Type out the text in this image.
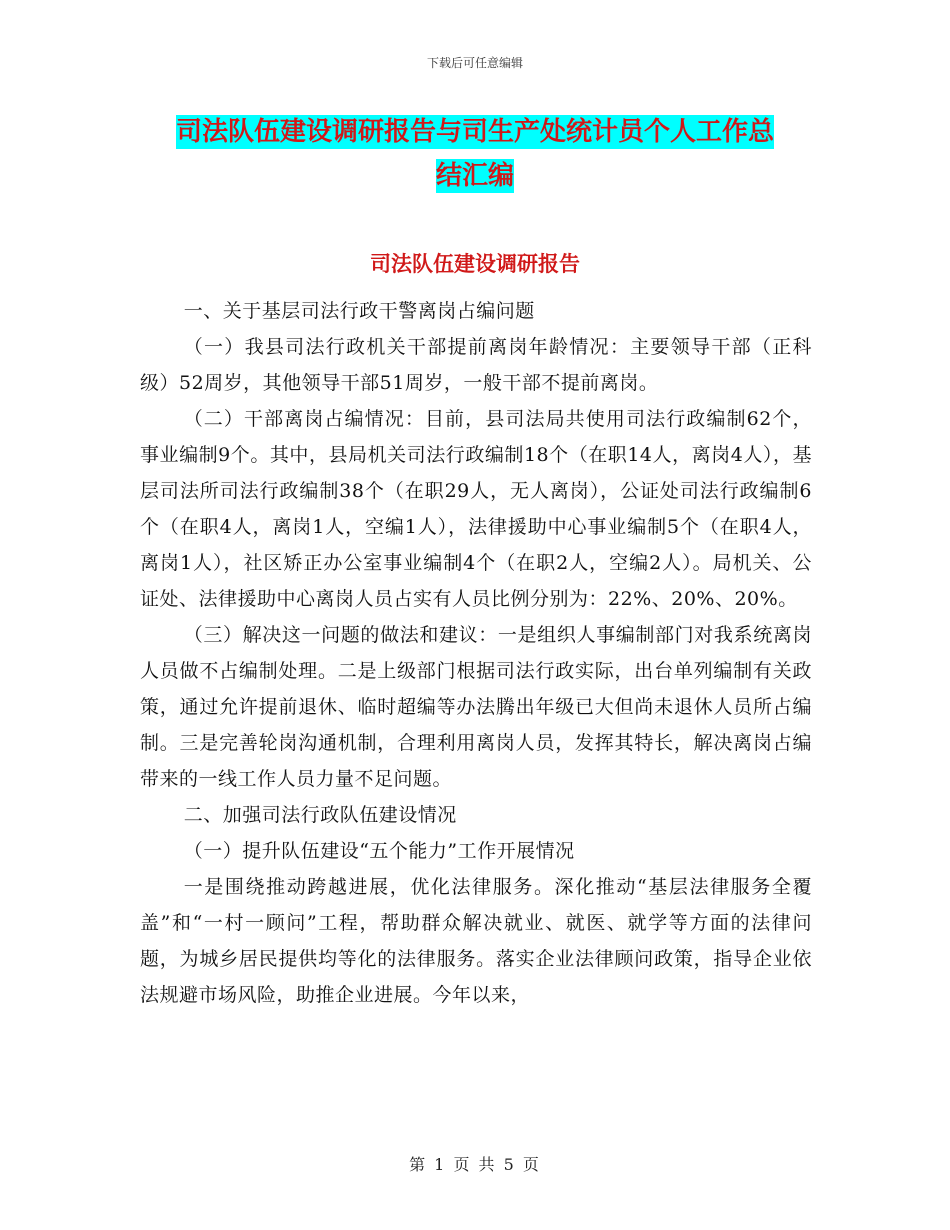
下载后可任意编辑
司法队伍建设调研报告与司生产处统计员个人工作总
结汇编
司法队伍建设调研报告

一、关于基层司法行政干警离岗占编问题

（一）我县司法行政机关干部提前离岗年龄情况：主要领导干部（正科级）52周岁，其他领导干部51周岁，一般干部不提前离岗。

（二）干部离岗占编情况：目前，县司法局共使用司法行政编制62个，事业编制9个。其中，县局机关司法行政编制18个（在职14人，离岗4人），基层司法所司法行政编制38个（在职29人，无人离岗），公证处司法行政编制6个（在职4人，离岗1人，空编1人），法律援助中心事业编制5个（在职4人，离岗1人），社区矫正办公室事业编制4个（在职2人，空编2人）。局机关、公证处、法律援助中心离岗人员占实有人员比例分别为：22%、20%、20%。

（三）解决这一问题的做法和建议：一是组织人事编制部门对我系统离岗人员做不占编制处理。二是上级部门根据司法行政实际，出台单列编制有关政策，通过允许提前退休、临时超编等办法腾出年级已大但尚未退休人员所占编制。三是完善轮岗沟通机制，合理利用离岗人员，发挥其特长，解决离岗占编带来的一线工作人员力量不足问题。

二、加强司法行政队伍建设情况

（一）提升队伍建设“五个能力”工作开展情况

一是围绕推动跨越进展，优化法律服务。深化推动“基层法律服务全覆盖”和“一村一顾问”工程，帮助群众解决就业、就医、就学等方面的法律问题，为城乡居民提供均等化的法律服务。落实企业法律顾问政策，指导企业依法规避市场风险，助推企业进展。今年以来，

第 1 页 共 5 页
